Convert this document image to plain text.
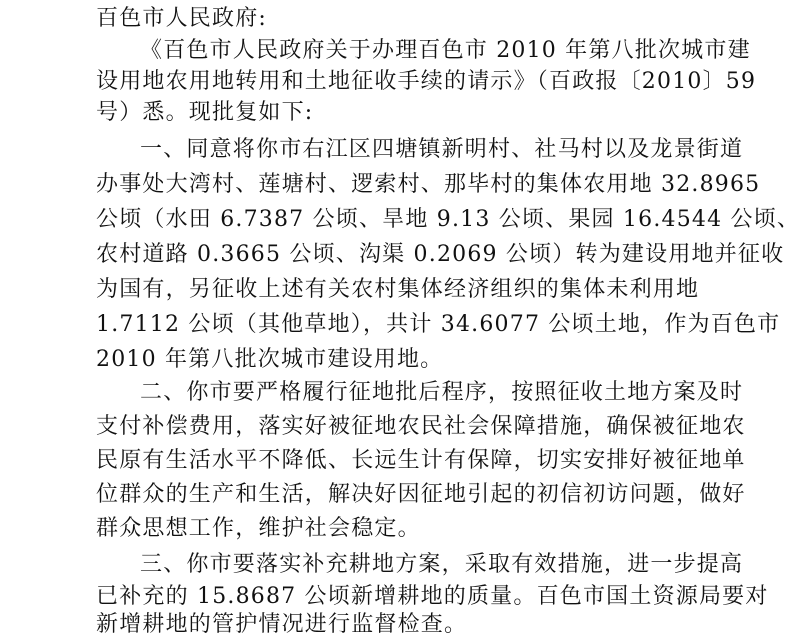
百色市人民政府:
《百色市人民政府关于办理百色市 2010 年第八批次城市建
设用地农用地转用和土地征收手续的请示》（百政报〔2010〕59
号）悉。现批复如下:
一、同意将你市右江区四塘镇新明村、社马村以及龙景街道
办事处大湾村、莲塘村、逻索村、那毕村的集体农用地 32.8965
公顷（水田 6.7387 公顷、旱地 9.13 公顷、果园 16.4544 公顷、
农村道路 0.3665 公顷、沟渠 0.2069 公顷）转为建设用地并征收
为国有，另征收上述有关农村集体经济组织的集体未利用地
1.7112 公顷（其他草地），共计 34.6077 公顷土地，作为百色市
2010 年第八批次城市建设用地。
二、你市要严格履行征地批后程序，按照征收土地方案及时
支付补偿费用，落实好被征地农民社会保障措施，确保被征地农
民原有生活水平不降低、长远生计有保障，切实安排好被征地单
位群众的生产和生活，解决好因征地引起的初信初访问题，做好
群众思想工作，维护社会稳定。
三、你市要落实补充耕地方案，采取有效措施，进一步提高
已补充的 15.8687 公顷新增耕地的质量。百色市国土资源局要对
新增耕地的管护情况进行监督检查。
